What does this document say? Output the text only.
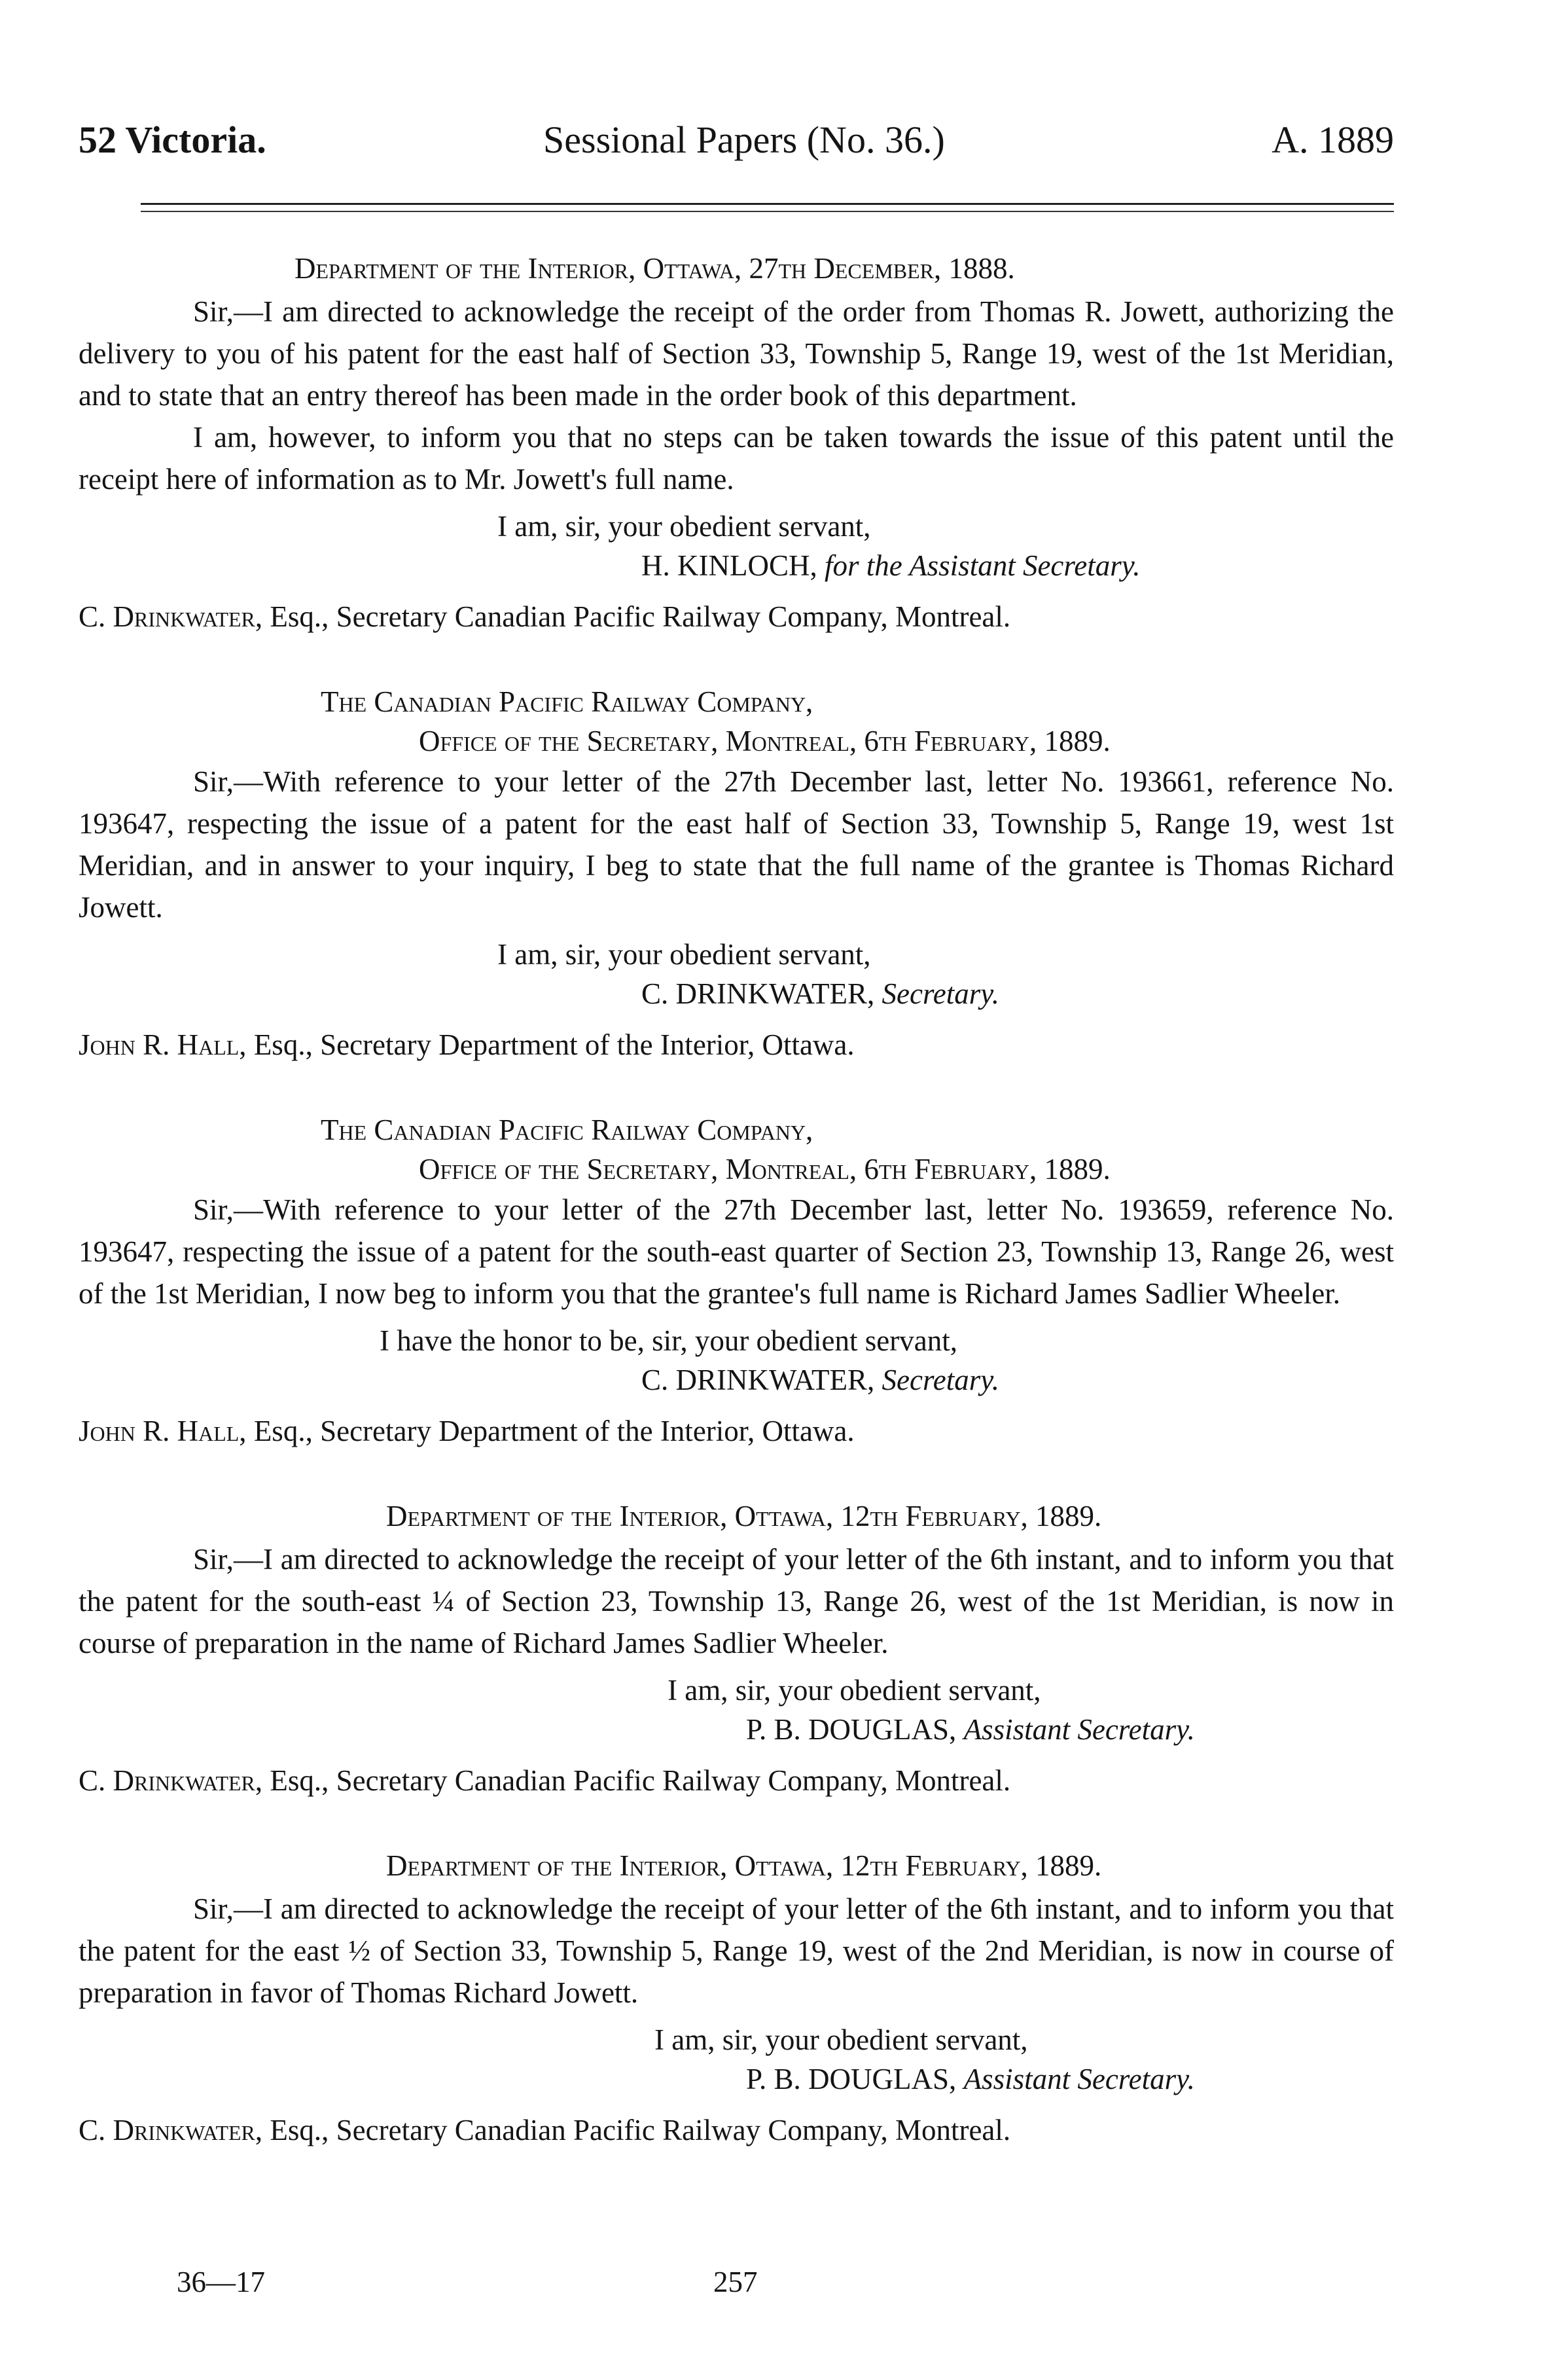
52 Victoria.	Sessional Papers (No. 36.)	A. 1889
Department of the Interior, Ottawa, 27th December, 1888.

Sir,—I am directed to acknowledge the receipt of the order from Thomas R. Jowett, authorizing the delivery to you of his patent for the east half of Section 33, Township 5, Range 19, west of the 1st Meridian, and to state that an entry thereof has been made in the order book of this department.

I am, however, to inform you that no steps can be taken towards the issue of this patent until the receipt here of information as to Mr. Jowett's full name.

I am, sir, your obedient servant,
H. KINLOCH, for the Assistant Secretary.
C. Drinkwater, Esq., Secretary Canadian Pacific Railway Company, Montreal.
The Canadian Pacific Railway Company,
Office of the Secretary, Montreal, 6th February, 1889.

Sir,—With reference to your letter of the 27th December last, letter No. 193661, reference No. 193647, respecting the issue of a patent for the east half of Section 33, Township 5, Range 19, west 1st Meridian, and in answer to your inquiry, I beg to state that the full name of the grantee is Thomas Richard Jowett.

I am, sir, your obedient servant,
C. DRINKWATER, Secretary.
John R. Hall, Esq., Secretary Department of the Interior, Ottawa.
The Canadian Pacific Railway Company,
Office of the Secretary, Montreal, 6th February, 1889.

Sir,—With reference to your letter of the 27th December last, letter No. 193659, reference No. 193647, respecting the issue of a patent for the south-east quarter of Section 23, Township 13, Range 26, west of the 1st Meridian, I now beg to inform you that the grantee's full name is Richard James Sadlier Wheeler.

I have the honor to be, sir, your obedient servant,
C. DRINKWATER, Secretary.
John R. Hall, Esq., Secretary Department of the Interior, Ottawa.
Department of the Interior, Ottawa, 12th February, 1889.

Sir,—I am directed to acknowledge the receipt of your letter of the 6th instant, and to inform you that the patent for the south-east ¼ of Section 23, Township 13, Range 26, west of the 1st Meridian, is now in course of preparation in the name of Richard James Sadlier Wheeler.

I am, sir, your obedient servant,
P. B. DOUGLAS, Assistant Secretary.
C. Drinkwater, Esq., Secretary Canadian Pacific Railway Company, Montreal.
Department of the Interior, Ottawa, 12th February, 1889.

Sir,—I am directed to acknowledge the receipt of your letter of the 6th instant, and to inform you that the patent for the east ½ of Section 33, Township 5, Range 19, west of the 2nd Meridian, is now in course of preparation in favor of Thomas Richard Jowett.

I am, sir, your obedient servant,
P. B. DOUGLAS, Assistant Secretary.
C. Drinkwater, Esq., Secretary Canadian Pacific Railway Company, Montreal.
36—17	257
